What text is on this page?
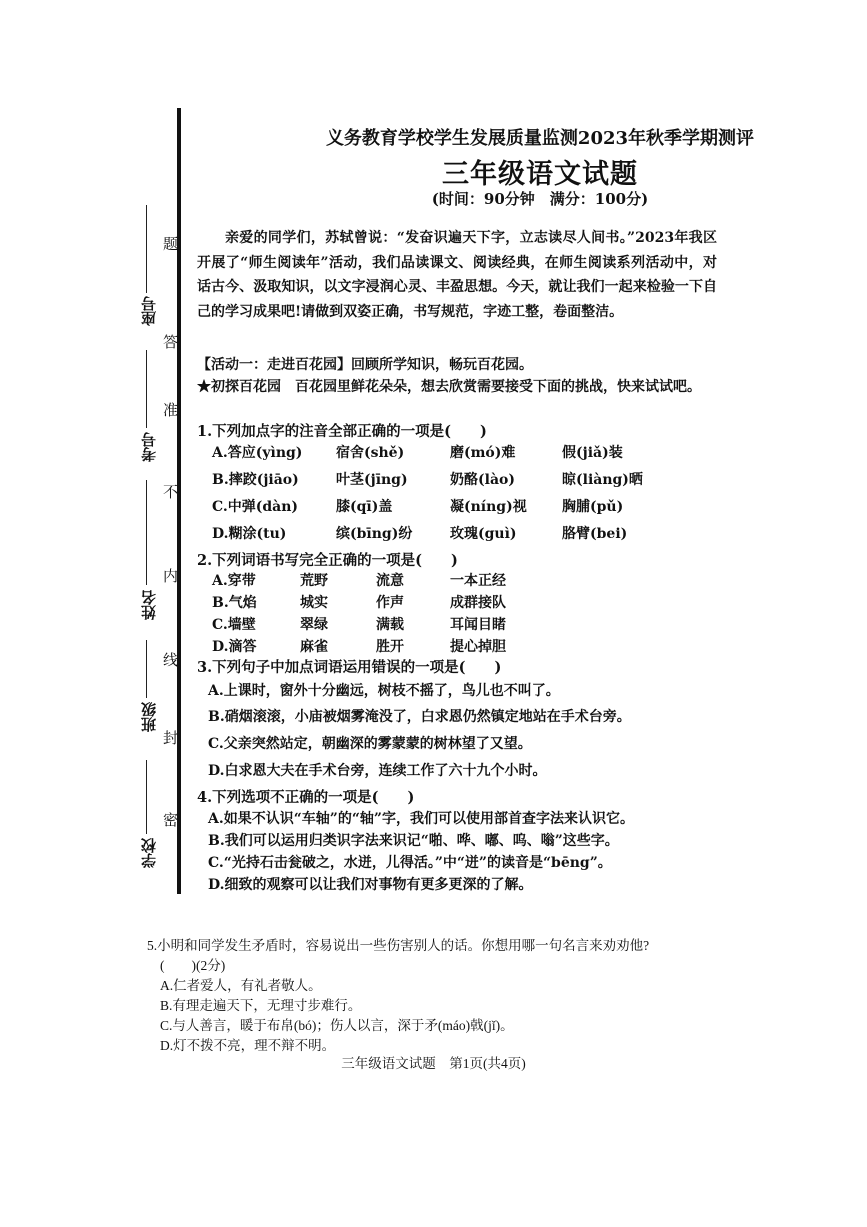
座号
考号
姓名
班级
学校
题
答
准
不
内
线
封
密
义务教育学校学生发展质量监测2023年秋季学期测评
三年级语文试题
(时间：90分钟　满分：100分)
亲爱的同学们，苏轼曾说：“发奋识遍天下字，立志读尽人间书。”2023年我区开展了“师生阅读年”活动，我们品读课文、阅读经典，在师生阅读系列活动中，对话古今、汲取知识，以文字浸润心灵、丰盈思想。今天，就让我们一起来检验一下自己的学习成果吧!请做到双姿正确，书写规范，字迹工整，卷面整洁。
【活动一：走进百花园】回顾所学知识，畅玩百花园。
★初探百花园　百花园里鲜花朵朵，想去欣赏需要接受下面的挑战，快来试试吧。
1.下列加点字的注音全部正确的一项是(　　)
A.答应(yìng) 宿舍(shě)	磨(mó)难	假(jiǎ)装
B.摔跤(jiāo)	叶茎(jīng)	奶酪(lào)	晾(liàng)晒
C.中弹(dàn)	膝(qī)盖	凝(níng)视	胸脯(pǔ)
D.糊涂(tu)	缤(bīng)纷	玫瑰(guì)	胳臂(bei)
2.下列词语书写完全正确的一项是(　　)
A.穿带	荒野	流意	一本正经
B.气焰	城实	作声	成群接队
C.墙壁	翠绿	满载	耳闻目睹
D.滴答	麻雀	胜开	提心掉胆
3.下列句子中加点词语运用错误的一项是(　　)
A.上课时，窗外十分幽远，树枝不摇了，鸟儿也不叫了。
B.硝烟滚滚，小庙被烟雾淹没了，白求恩仍然镇定地站在手术台旁。
C.父亲突然站定，朝幽深的雾蒙蒙的树林望了又望。
D.白求恩大夫在手术台旁，连续工作了六十九个小时。
4.下列选项不正确的一项是(　　)
A.如果不认识“车轴”的“轴”字，我们可以使用部首查字法来认识它。
B.我们可以运用归类识字法来识记“啪、哗、嘟、呜、嗡”这些字。
C.“光持石击瓮破之，水迸，儿得活。”中“迸”的读音是“bēng”。
D.细致的观察可以让我们对事物有更多更深的了解。
5.小明和同学发生矛盾时，容易说出一些伤害别人的话。你想用哪一句名言来劝劝他?
(　　)(2分)
A.仁者爱人，有礼者敬人。
B.有理走遍天下，无理寸步难行。
C.与人善言，暖于布帛(bó)；伤人以言，深于矛(máo)戟(jǐ)。
D.灯不拨不亮，理不辩不明。
三年级语文试题　第1页(共4页)
